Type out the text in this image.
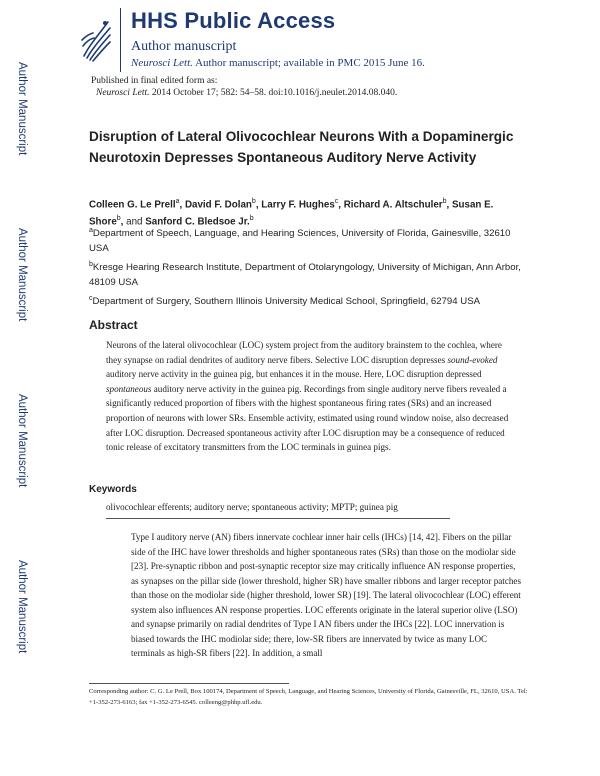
Author Manuscript
Author Manuscript
Author Manuscript
Author Manuscript
HHS Public Access
Author manuscript
Neurosci Lett. Author manuscript; available in PMC 2015 June 16.
Published in final edited form as:
Neurosci Lett. 2014 October 17; 582: 54–58. doi:10.1016/j.neulet.2014.08.040.
Disruption of Lateral Olivocochlear Neurons With a Dopaminergic Neurotoxin Depresses Spontaneous Auditory Nerve Activity
Colleen G. Le Prell$^a$, David F. Dolan$^b$, Larry F. Hughes$^c$, Richard A. Altschuler$^b$, Susan E. Shore$^b$, and Sanford C. Bledsoe Jr.$^b$
$^a$Department of Speech, Language, and Hearing Sciences, University of Florida, Gainesville, 32610 USA
$^b$Kresge Hearing Research Institute, Department of Otolaryngology, University of Michigan, Ann Arbor, 48109 USA
$^c$Department of Surgery, Southern Illinois University Medical School, Springfield, 62794 USA
Abstract
Neurons of the lateral olivocochlear (LOC) system project from the auditory brainstem to the cochlea, where they synapse on radial dendrites of auditory nerve fibers. Selective LOC disruption depresses sound-evoked auditory nerve activity in the guinea pig, but enhances it in the mouse. Here, LOC disruption depressed spontaneous auditory nerve activity in the guinea pig. Recordings from single auditory nerve fibers revealed a significantly reduced proportion of fibers with the highest spontaneous firing rates (SRs) and an increased proportion of neurons with lower SRs. Ensemble activity, estimated using round window noise, also decreased after LOC disruption. Decreased spontaneous activity after LOC disruption may be a consequence of reduced tonic release of excitatory transmitters from the LOC terminals in guinea pigs.
Keywords
olivocochlear efferents; auditory nerve; spontaneous activity; MPTP; guinea pig
Type I auditory nerve (AN) fibers innervate cochlear inner hair cells (IHCs) [14, 42]. Fibers on the pillar side of the IHC have lower thresholds and higher spontaneous rates (SRs) than those on the modiolar side [23]. Pre-synaptic ribbon and post-synaptic receptor size may critically influence AN response properties, as synapses on the pillar side (lower threshold, higher SR) have smaller ribbons and larger receptor patches than those on the modiolar side (higher threshold, lower SR) [19]. The lateral olivocochlear (LOC) efferent system also influences AN response properties. LOC efferents originate in the lateral superior olive (LSO) and synapse primarily on radial dendrites of Type I AN fibers under the IHCs [22]. LOC innervation is biased towards the IHC modiolar side; there, low-SR fibers are innervated by twice as many LOC terminals as high-SR fibers [22]. In addition, a small
Corresponding author: C. G. Le Prell, Box 100174, Department of Speech, Language, and Hearing Sciences, University of Florida, Gainesville, FL, 32610, USA. Tel: +1-352-273-6163; fax +1-352-273-6545. colleeng@phhp.ufl.edu.
